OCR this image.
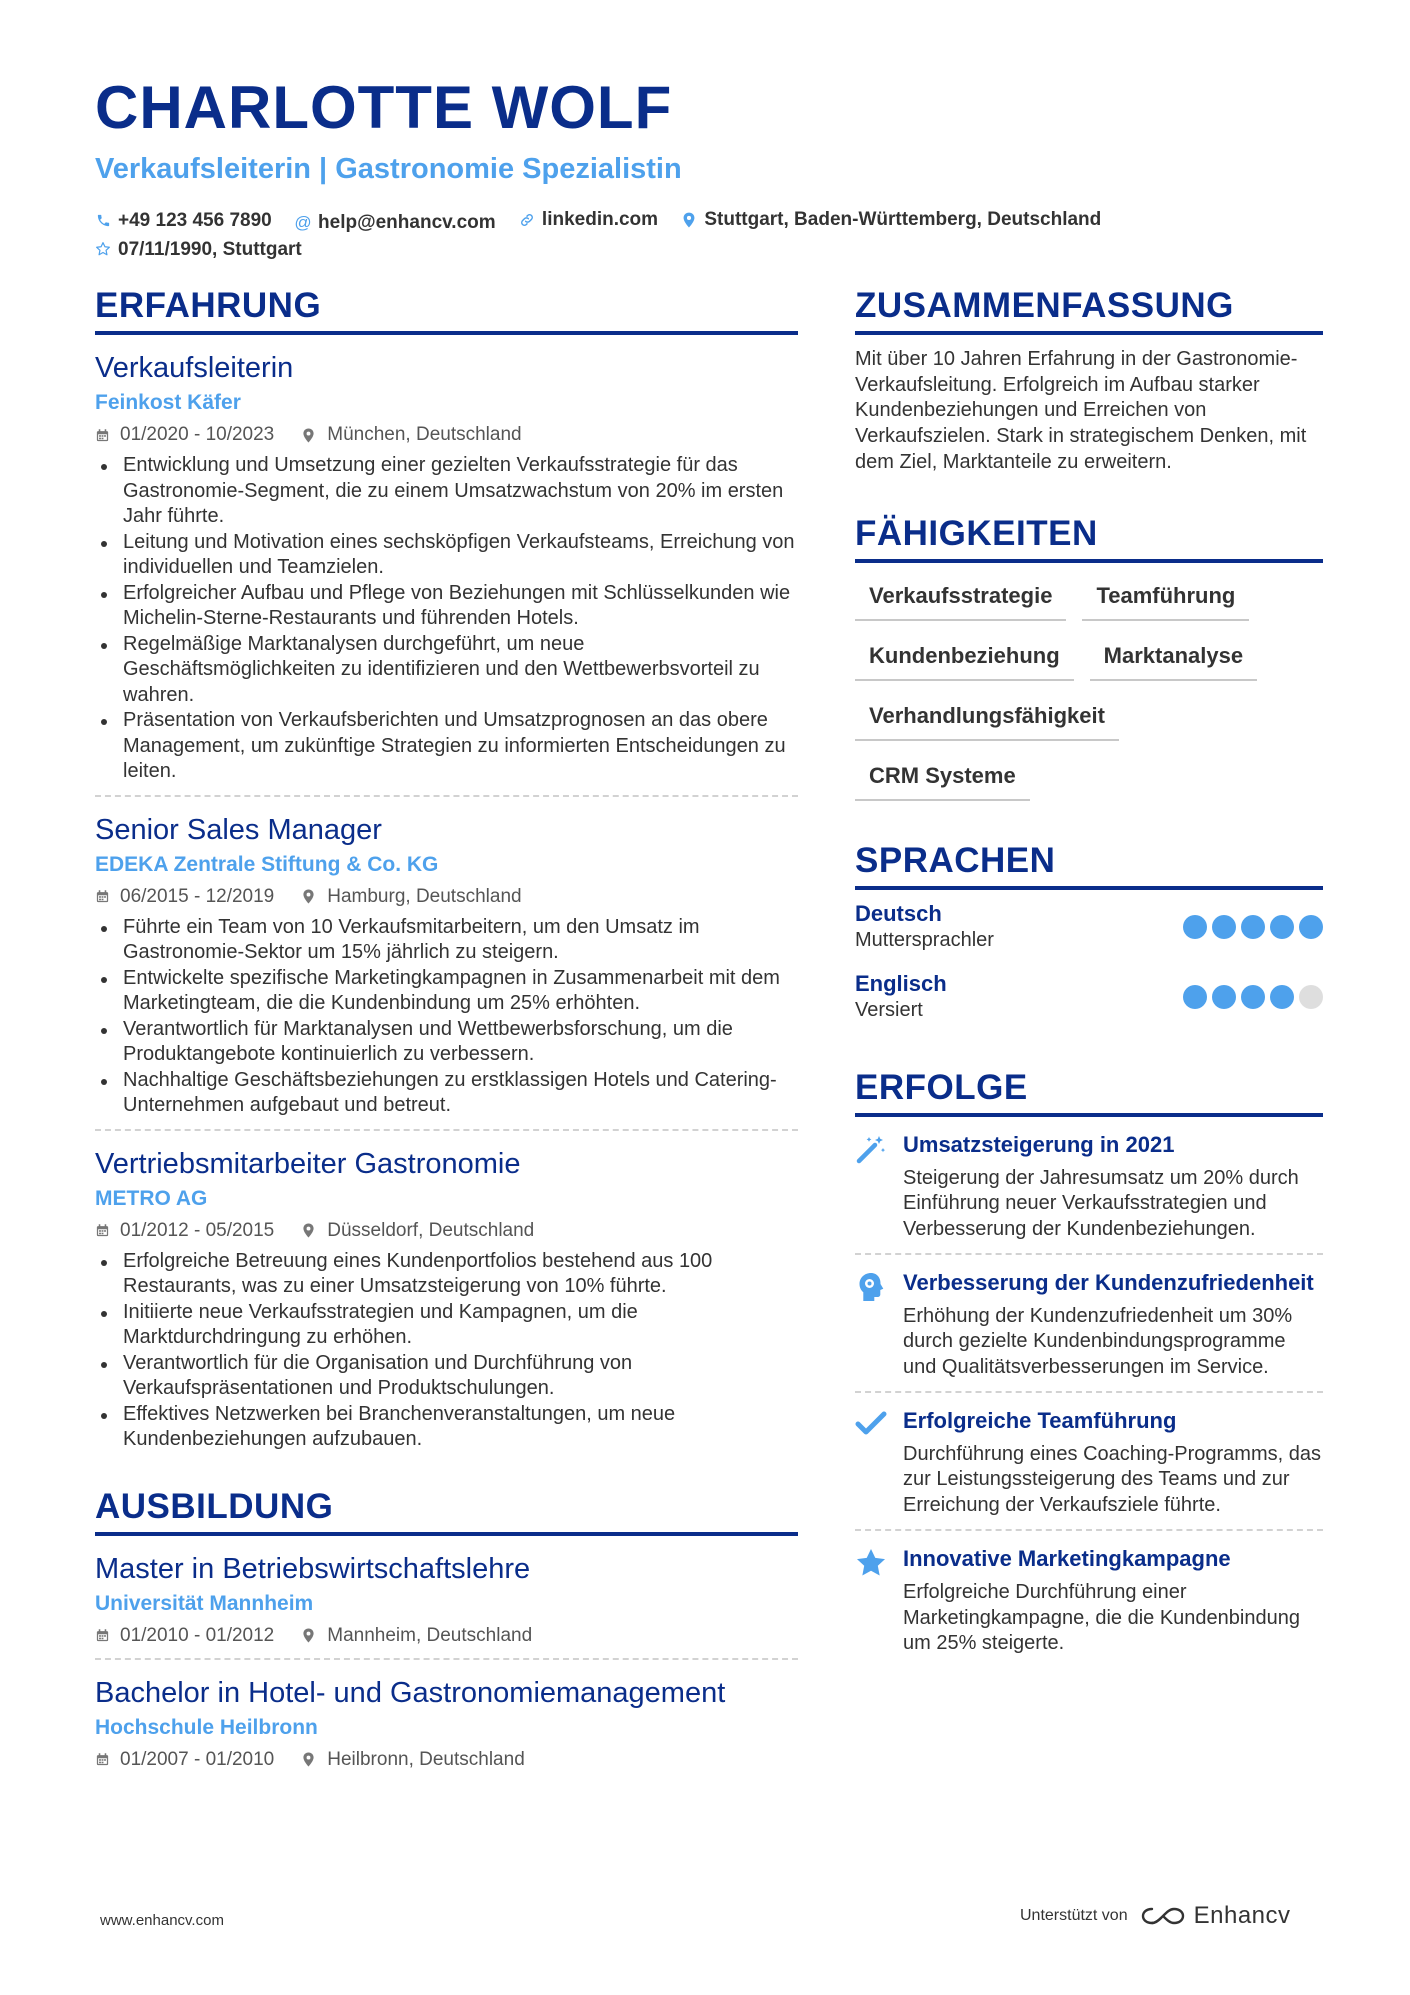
CHARLOTTE WOLF
Verkaufsleiterin | Gastronomie Spezialistin
+49 123 456 7890
@ help@enhancv.com
linkedin.com
Stuttgart, Baden-Württemberg, Deutschland

07/11/1990, Stuttgart
ERFAHRUNG
Verkaufsleiterin
Feinkost Käfer
01/2020 - 10/2023	München, Deutschland
Entwicklung und Umsetzung einer gezielten Verkaufsstrategie für das Gastronomie-Segment, die zu einem Umsatzwachstum von 20% im ersten Jahr führte.
Leitung und Motivation eines sechsköpfigen Verkaufsteams, Erreichung von individuellen und Teamzielen.
Erfolgreicher Aufbau und Pflege von Beziehungen mit Schlüsselkunden wie Michelin-Sterne-Restaurants und führenden Hotels.
Regelmäßige Marktanalysen durchgeführt, um neue Geschäftsmöglichkeiten zu identifizieren und den Wettbewerbsvorteil zu wahren.
Präsentation von Verkaufsberichten und Umsatzprognosen an das obere Management, um zukünftige Strategien zu informierten Entscheidungen zu leiten.
Senior Sales Manager
EDEKA Zentrale Stiftung & Co. KG
06/2015 - 12/2019	Hamburg, Deutschland
Führte ein Team von 10 Verkaufsmitarbeitern, um den Umsatz im Gastronomie-Sektor um 15% jährlich zu steigern.
Entwickelte spezifische Marketingkampagnen in Zusammenarbeit mit dem Marketingteam, die die Kundenbindung um 25% erhöhten.
Verantwortlich für Marktanalysen und Wettbewerbsforschung, um die Produktangebote kontinuierlich zu verbessern.
Nachhaltige Geschäftsbeziehungen zu erstklassigen Hotels und Catering-Unternehmen aufgebaut und betreut.
Vertriebsmitarbeiter Gastronomie
METRO AG
01/2012 - 05/2015	Düsseldorf, Deutschland
Erfolgreiche Betreuung eines Kundenportfolios bestehend aus 100 Restaurants, was zu einer Umsatzsteigerung von 10% führte.
Initiierte neue Verkaufsstrategien und Kampagnen, um die Marktdurchdringung zu erhöhen.
Verantwortlich für die Organisation und Durchführung von Verkaufspräsentationen und Produktschulungen.
Effektives Netzwerken bei Branchenveranstaltungen, um neue Kundenbeziehungen aufzubauen.
AUSBILDUNG
Master in Betriebswirtschaftslehre
Universität Mannheim
01/2010 - 01/2012	Mannheim, Deutschland
Bachelor in Hotel- und Gastronomiemanagement
Hochschule Heilbronn
01/2007 - 01/2010	Heilbronn, Deutschland
ZUSAMMENFASSUNG
Mit über 10 Jahren Erfahrung in der Gastronomie-Verkaufsleitung. Erfolgreich im Aufbau starker Kundenbeziehungen und Erreichen von Verkaufszielen. Stark in strategischem Denken, mit dem Ziel, Marktanteile zu erweitern.
FÄHIGKEITEN
Verkaufsstrategie	Teamführung
Kundenbeziehung	Marktanalyse
Verhandlungsfähigkeit
CRM Systeme
SPRACHEN
Deutsch
Muttersprachler
Englisch
Versiert
ERFOLGE
Umsatzsteigerung in 2021
Steigerung der Jahresumsatz um 20% durch Einführung neuer Verkaufsstrategien und Verbesserung der Kundenbeziehungen.
Verbesserung der Kundenzufriedenheit
Erhöhung der Kundenzufriedenheit um 30% durch gezielte Kundenbindungsprogramme und Qualitätsverbesserungen im Service.
Erfolgreiche Teamführung
Durchführung eines Coaching-Programms, das zur Leistungssteigerung des Teams und zur Erreichung der Verkaufsziele führte.
Innovative Marketingkampagne
Erfolgreiche Durchführung einer Marketingkampagne, die die Kundenbindung um 25% steigerte.
www.enhancv.com	Unterstützt von	Enhancv
